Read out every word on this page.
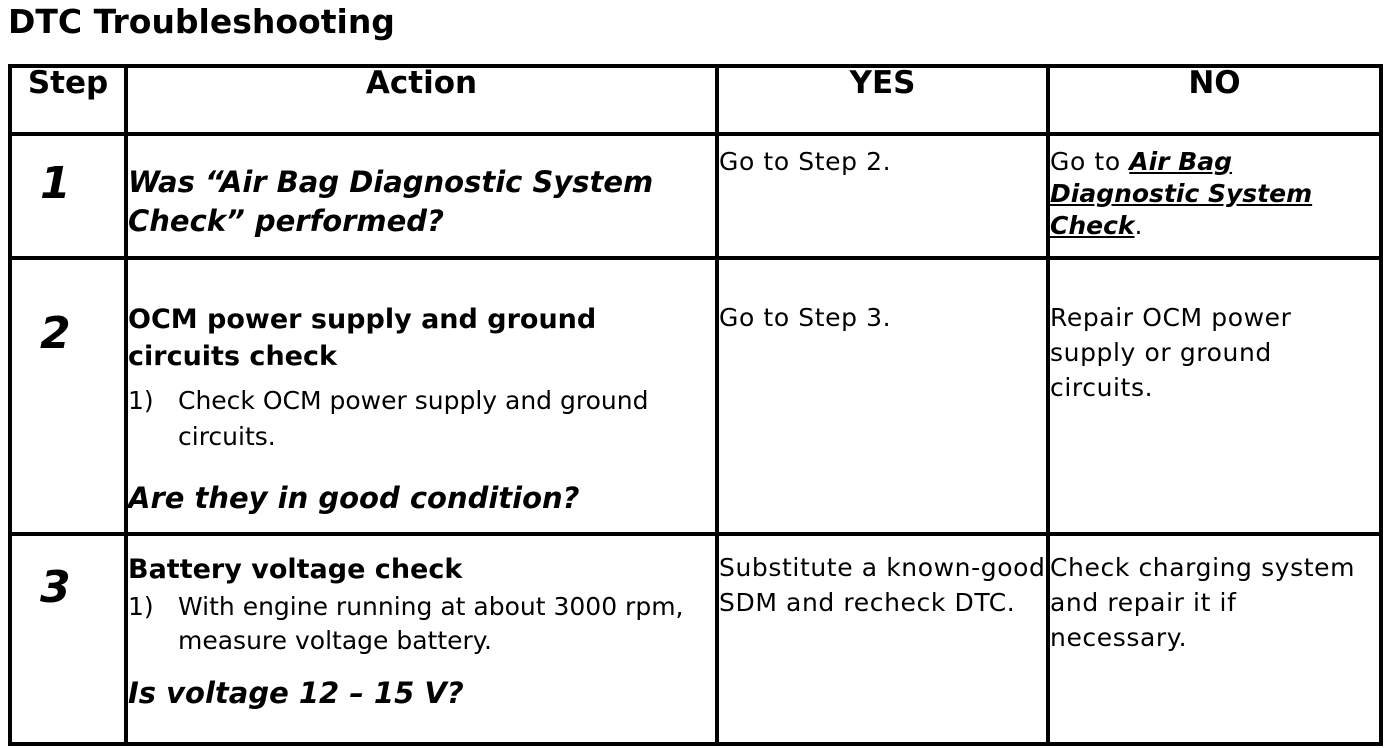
DTC Troubleshooting
Step	Action	YES	NO

1	Was “Air Bag Diagnostic System Check” performed?	Go to Step 2.	Go to Air Bag Diagnostic System Check.

2	OCM power supply and ground circuits check
1) Check OCM power supply and ground circuits.
Are they in good condition?	Go to Step 3.	Repair OCM power supply or ground circuits.

3	Battery voltage check
1) With engine running at about 3000 rpm, measure voltage battery.
Is voltage 12 – 15 V?	Substitute a known-good SDM and recheck DTC.	Check charging system and repair it if necessary.
